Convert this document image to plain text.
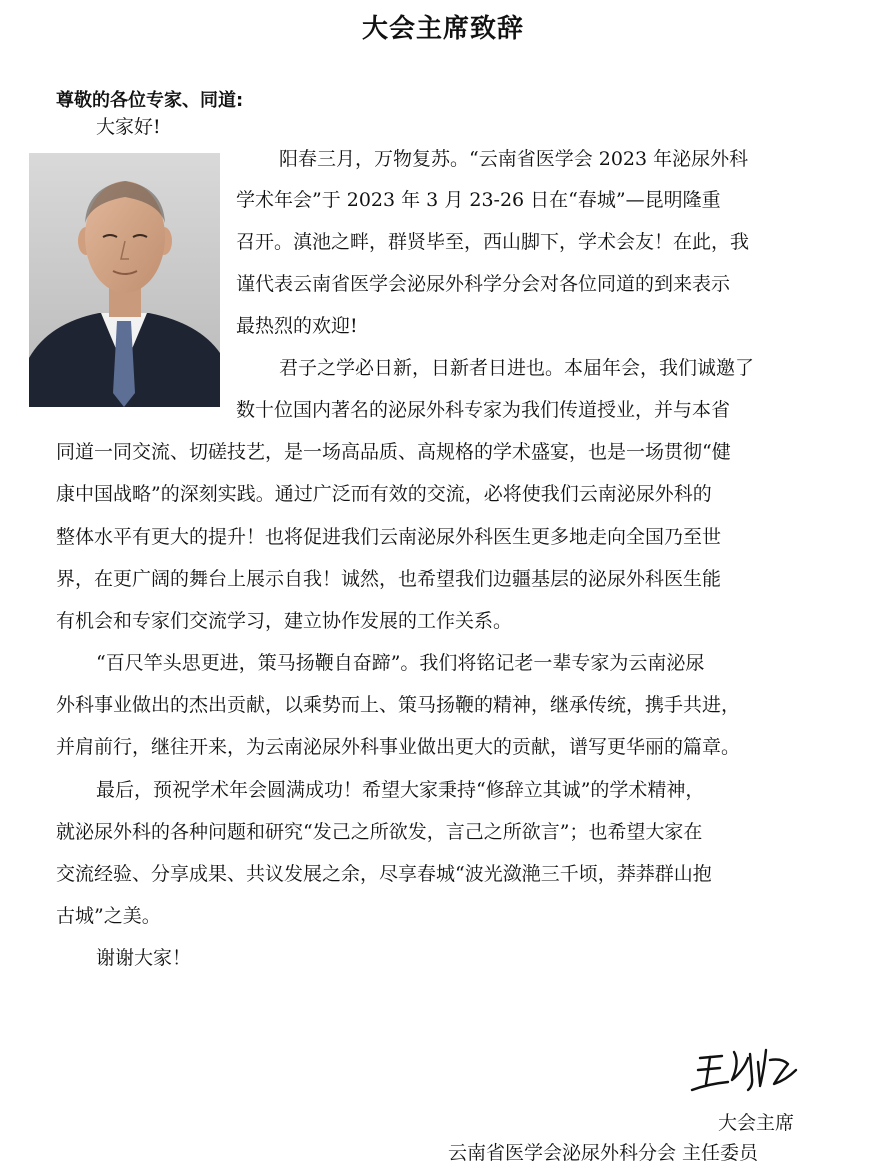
大会主席致辞
尊敬的各位专家、同道:
大家好!
阳春三月，万物复苏。“云南省医学会 2023 年泌尿外科
学术年会”于 2023 年 3 月 23-26 日在“春城”—昆明隆重
召开。滇池之畔，群贤毕至，西山脚下，学术会友！在此，我
谨代表云南省医学会泌尿外科学分会对各位同道的到来表示
最热烈的欢迎!
君子之学必日新，日新者日进也。本届年会，我们诚邀了
数十位国内著名的泌尿外科专家为我们传道授业，并与本省
同道一同交流、切磋技艺，是一场高品质、高规格的学术盛宴，也是一场贯彻“健
康中国战略”的深刻实践。通过广泛而有效的交流，必将使我们云南泌尿外科的
整体水平有更大的提升！也将促进我们云南泌尿外科医生更多地走向全国乃至世
界，在更广阔的舞台上展示自我！诚然，也希望我们边疆基层的泌尿外科医生能
有机会和专家们交流学习，建立协作发展的工作关系。
“百尺竿头思更进，策马扬鞭自奋蹄”。我们将铭记老一辈专家为云南泌尿
外科事业做出的杰出贡献，以乘势而上、策马扬鞭的精神，继承传统，携手共进，
并肩前行，继往开来，为云南泌尿外科事业做出更大的贡献，谱写更华丽的篇章。
最后，预祝学术年会圆满成功！希望大家秉持“修辞立其诚”的学术精神，
就泌尿外科的各种问题和研究“发己之所欲发，言己之所欲言”；也希望大家在
交流经验、分享成果、共议发展之余，尽享春城“波光潋滟三千顷，莽莽群山抱
古城”之美。
谢谢大家！
大会主席
云南省医学会泌尿外科分会 主任委员
